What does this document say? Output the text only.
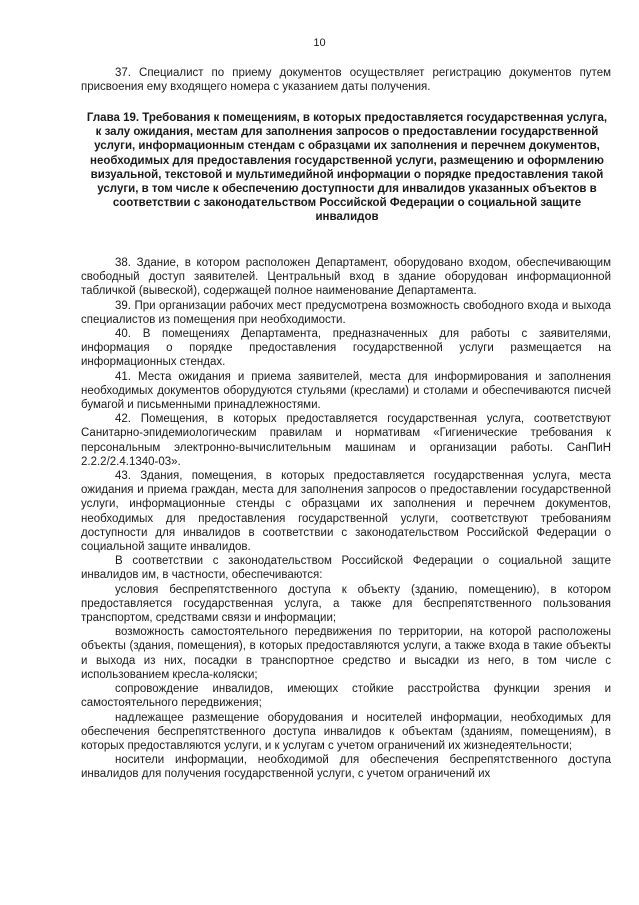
10

37. Специалист по приему документов осуществляет регистрацию документов путем присвоения ему входящего номера с указанием даты получения.

Глава 19. Требования к помещениям, в которых предоставляется государственная услуга, к залу ожидания, местам для заполнения запросов о предоставлении государственной услуги, информационным стендам с образцами их заполнения и перечнем документов, необходимых для предоставления государственной услуги, размещению и оформлению визуальной, текстовой и мультимедийной информации о порядке предоставления такой услуги, в том числе к обеспечению доступности для инвалидов указанных объектов в соответствии с законодательством Российской Федерации о социальной защите инвалидов

38. Здание, в котором расположен Департамент, оборудовано входом, обеспечивающим свободный доступ заявителей. Центральный вход в здание оборудован информационной табличкой (вывеской), содержащей полное наименование Департамента.

39. При организации рабочих мест предусмотрена возможность свободного входа и выхода специалистов из помещения при необходимости.

40. В помещениях Департамента, предназначенных для работы с заявителями, информация о порядке предоставления государственной услуги размещается на информационных стендах.

41. Места ожидания и приема заявителей, места для информирования и заполнения необходимых документов оборудуются стульями (креслами) и столами и обеспечиваются писчей бумагой и письменными принадлежностями.

42. Помещения, в которых предоставляется государственная услуга, соответствуют Санитарно-эпидемиологическим правилам и нормативам «Гигиенические требования к персональным электронно-вычислительным машинам и организации работы. СанПиН 2.2.2/2.4.1340-03».

43. Здания, помещения, в которых предоставляется государственная услуга, места ожидания и приема граждан, места для заполнения запросов о предоставлении государственной услуги, информационные стенды с образцами их заполнения и перечнем документов, необходимых для предоставления государственной услуги, соответствуют требованиям доступности для инвалидов в соответствии с законодательством Российской Федерации о социальной защите инвалидов.

В соответствии с законодательством Российской Федерации о социальной защите инвалидов им, в частности, обеспечиваются:

условия беспрепятственного доступа к объекту (зданию, помещению), в котором предоставляется государственная услуга, а также для беспрепятственного пользования транспортом, средствами связи и информации;

возможность самостоятельного передвижения по территории, на которой расположены объекты (здания, помещения), в которых предоставляются услуги, а также входа в такие объекты и выхода из них, посадки в транспортное средство и высадки из него, в том числе с использованием кресла-коляски;

сопровождение инвалидов, имеющих стойкие расстройства функции зрения и самостоятельного передвижения;

надлежащее размещение оборудования и носителей информации, необходимых для обеспечения беспрепятственного доступа инвалидов к объектам (зданиям, помещениям), в которых предоставляются услуги, и к услугам с учетом ограничений их жизнедеятельности;

носители информации, необходимой для обеспечения беспрепятственного доступа инвалидов для получения государственной услуги, с учетом ограничений их
